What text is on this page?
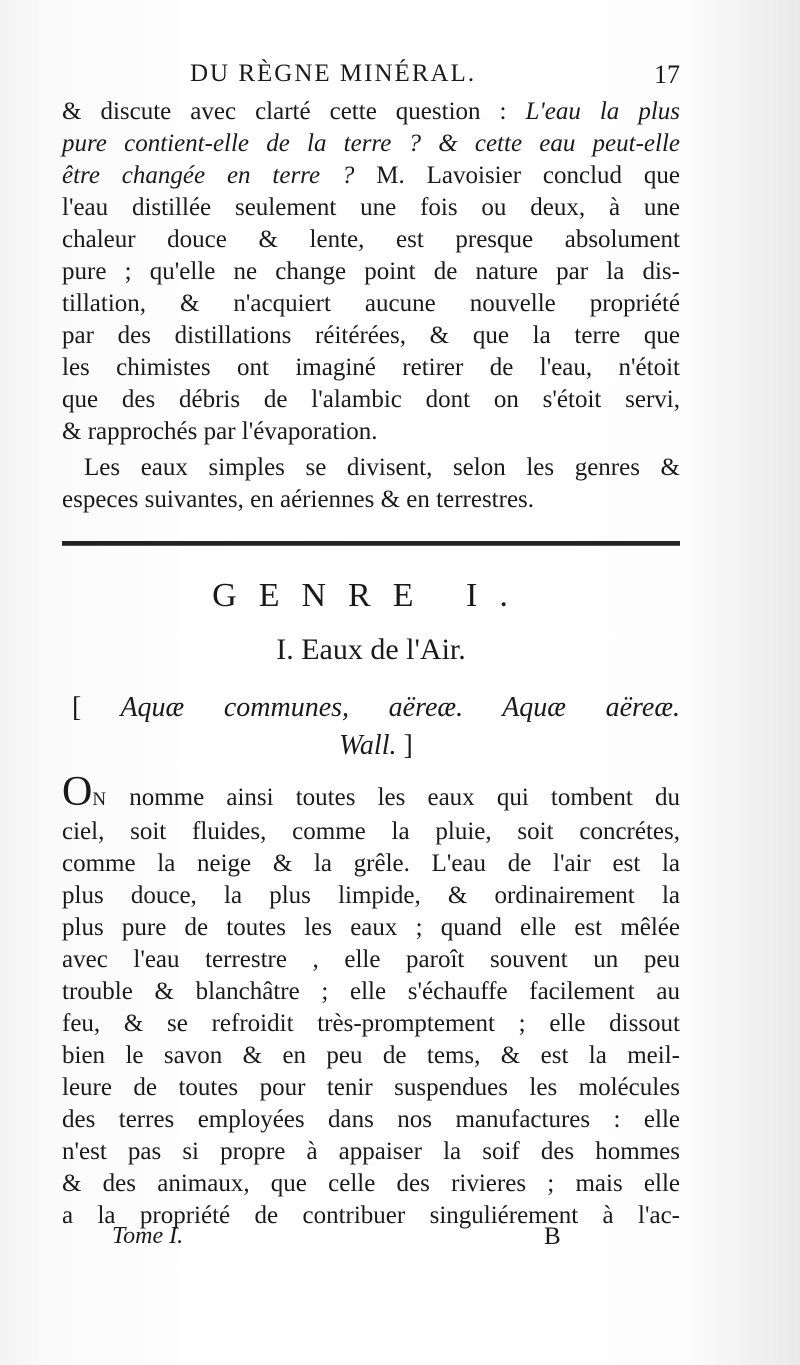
DU RÈGNE MINÉRAL.	17
& discute avec clarté cette question : L'eau la plus
pure contient-elle de la terre ? & cette eau peut-elle
être changée en terre ? M. Lavoisier conclud que
l'eau distillée seulement une fois ou deux, à une
chaleur douce & lente, est presque absolument
pure ; qu'elle ne change point de nature par la dis-
tillation, & n'acquiert aucune nouvelle propriété
par des distillations réitérées, & que la terre que
les chimistes ont imaginé retirer de l'eau, n'étoit
que des débris de l'alambic dont on s'étoit servi,
& rapprochés par l'évaporation.
Les eaux simples se divisent, selon les genres &
especes suivantes, en aériennes & en terrestres.
GENRE I.
I. Eaux de l'Air.
[ Aquæ communes, aëreæ. Aquæ aëreæ.
Wall. ]
ON nomme ainsi toutes les eaux qui tombent du
ciel, soit fluides, comme la pluie, soit concrétes,
comme la neige & la grêle. L'eau de l'air est la
plus douce, la plus limpide, & ordinairement la
plus pure de toutes les eaux ; quand elle est mêlée
avec l'eau terrestre , elle paroît souvent un peu
trouble & blanchâtre ; elle s'échauffe facilement au
feu, & se refroidit très-promptement ; elle dissout
bien le savon & en peu de tems, & est la meil-
leure de toutes pour tenir suspendues les molécules
des terres employées dans nos manufactures : elle
n'est pas si propre à appaiser la soif des hommes
& des animaux, que celle des rivieres ; mais elle
a la propriété de contribuer singuliérement à l'ac-
Tome I.	B
